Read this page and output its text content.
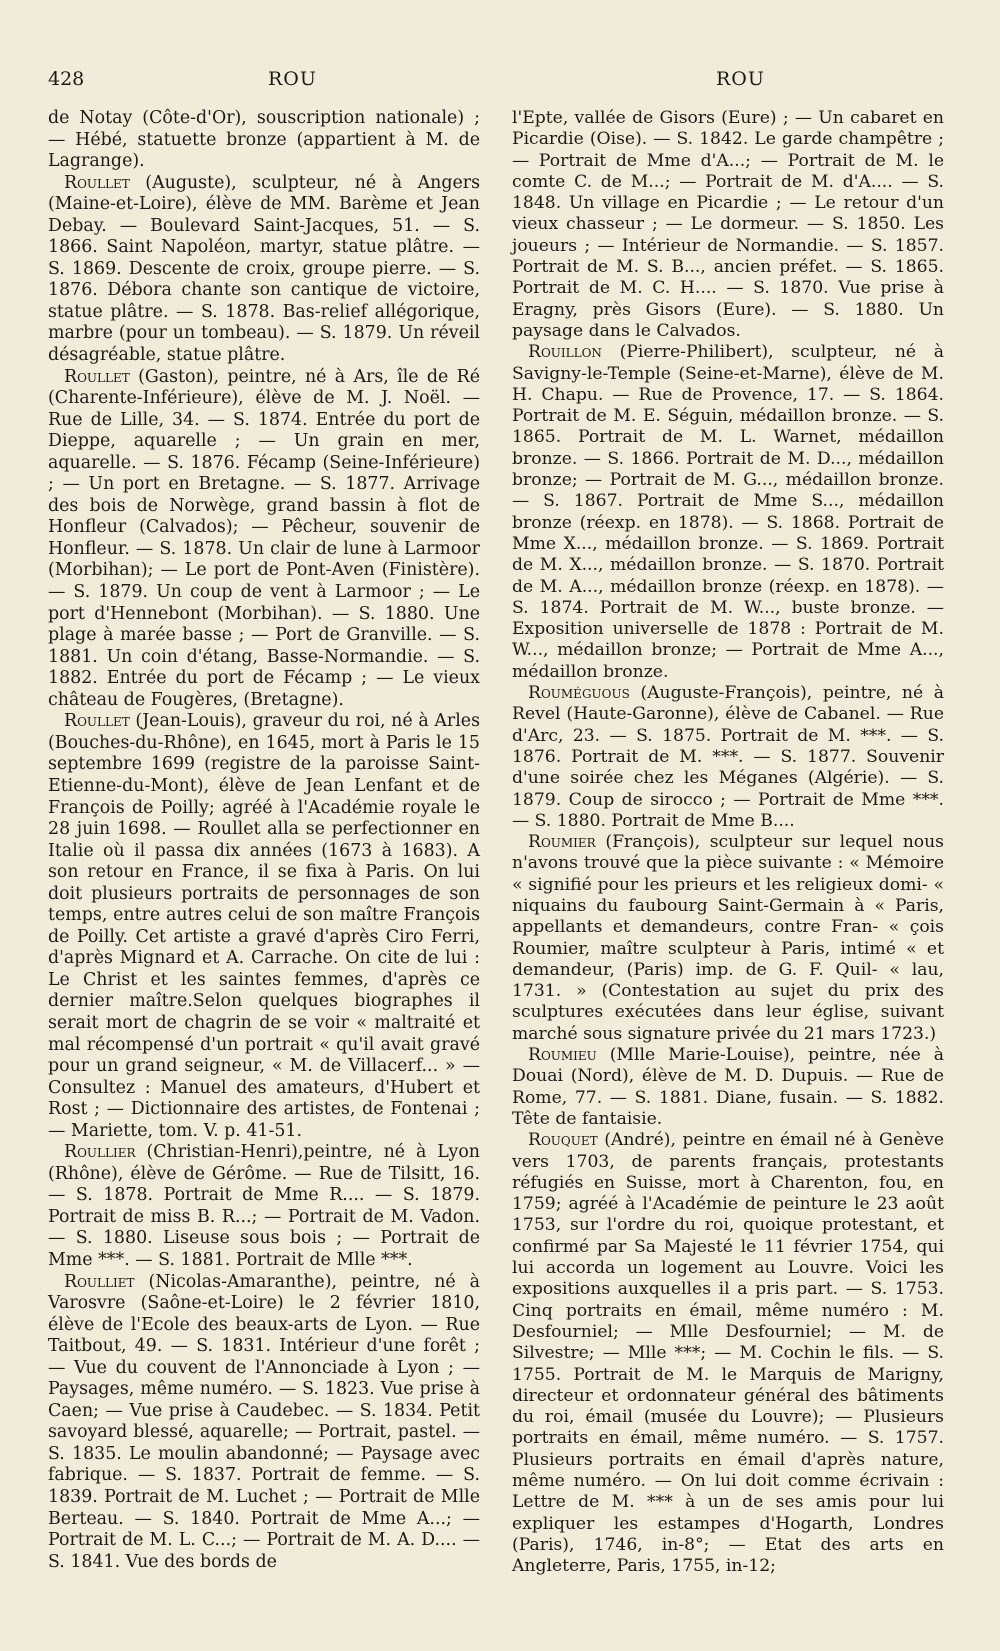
428	ROU	ROU

de Notay (Côte-d'Or), souscription nationale) ; — Hébé, statuette bronze (appartient à M. de Lagrange).

Roullet (Auguste), sculpteur, né à Angers (Maine-et-Loire), élève de MM. Barème et Jean Debay. — Boulevard Saint-Jacques, 51. — S. 1866. Saint Napoléon, martyr, statue plâtre. — S. 1869. Descente de croix, groupe pierre. — S. 1876. Débora chante son cantique de victoire, statue plâtre. — S. 1878. Bas-relief allégorique, marbre (pour un tombeau). — S. 1879. Un réveil désagréable, statue plâtre.

Roullet (Gaston), peintre, né à Ars, île de Ré (Charente-Inférieure), élève de M. J. Noël. — Rue de Lille, 34. — S. 1874. Entrée du port de Dieppe, aquarelle ; — Un grain en mer, aquarelle. — S. 1876. Fécamp (Seine-Inférieure) ; — Un port en Bretagne. — S. 1877. Arrivage des bois de Norwège, grand bassin à flot de Honfleur (Calvados); — Pêcheur, souvenir de Honfleur. — S. 1878. Un clair de lune à Larmoor (Morbihan); — Le port de Pont-Aven (Finistère). — S. 1879. Un coup de vent à Larmoor ; — Le port d'Hennebont (Morbihan). — S. 1880. Une plage à marée basse ; — Port de Granville. — S. 1881. Un coin d'étang, Basse-Normandie. — S. 1882. Entrée du port de Fécamp ; — Le vieux château de Fougères, (Bretagne).

Roullet (Jean-Louis), graveur du roi, né à Arles (Bouches-du-Rhône), en 1645, mort à Paris le 15 septembre 1699 (registre de la paroisse Saint-Etienne-du-Mont), élève de Jean Lenfant et de François de Poilly; agréé à l'Académie royale le 28 juin 1698. — Roullet alla se perfectionner en Italie où il passa dix années (1673 à 1683). A son retour en France, il se fixa à Paris. On lui doit plusieurs portraits de personnages de son temps, entre autres celui de son maître François de Poilly. Cet artiste a gravé d'après Ciro Ferri, d'après Mignard et A. Carrache. On cite de lui : Le Christ et les saintes femmes, d'après ce dernier maître.Selon quelques biographes il serait mort de chagrin de se voir « maltraité et mal récompensé d'un portrait « qu'il avait gravé pour un grand seigneur, « M. de Villacerf... » — Consultez : Manuel des amateurs, d'Hubert et Rost ; — Dictionnaire des artistes, de Fontenai ; — Mariette, tom. V. p. 41-51.

Roullier (Christian-Henri),peintre, né à Lyon (Rhône), élève de Gérôme. — Rue de Tilsitt, 16. — S. 1878. Portrait de Mme R.... — S. 1879. Portrait de miss B. R...; — Portrait de M. Vadon. — S. 1880. Liseuse sous bois ; — Portrait de Mme ***. — S. 1881. Portrait de Mlle ***.

Roulliet (Nicolas-Amaranthe), peintre, né à Varosvre (Saône-et-Loire) le 2 février 1810, élève de l'Ecole des beaux-arts de Lyon. — Rue Taitbout, 49. — S. 1831. Intérieur d'une forêt ; — Vue du couvent de l'Annonciade à Lyon ; — Paysages, même numéro. — S. 1823. Vue prise à Caen; — Vue prise à Caudebec. — S. 1834. Petit savoyard blessé, aquarelle; — Portrait, pastel. — S. 1835. Le moulin abandonné; — Paysage avec fabrique. — S. 1837. Portrait de femme. — S. 1839. Portrait de M. Luchet ; — Portrait de Mlle Berteau. — S. 1840. Portrait de Mme A...; — Portrait de M. L. C...; — Portrait de M. A. D.... — S. 1841. Vue des bords de

l'Epte, vallée de Gisors (Eure) ; — Un cabaret en Picardie (Oise). — S. 1842. Le garde champêtre ; — Portrait de Mme d'A...; — Portrait de M. le comte C. de M...; — Portrait de M. d'A.... — S. 1848. Un village en Picardie ; — Le retour d'un vieux chasseur ; — Le dormeur. — S. 1850. Les joueurs ; — Intérieur de Normandie. — S. 1857. Portrait de M. S. B..., ancien préfet. — S. 1865. Portrait de M. C. H.... — S. 1870. Vue prise à Eragny, près Gisors (Eure). — S. 1880. Un paysage dans le Calvados.

Rouillon (Pierre-Philibert), sculpteur, né à Savigny-le-Temple (Seine-et-Marne), élève de M. H. Chapu. — Rue de Provence, 17. — S. 1864. Portrait de M. E. Séguin, médaillon bronze. — S. 1865. Portrait de M. L. Warnet, médaillon bronze. — S. 1866. Portrait de M. D..., médaillon bronze; — Portrait de M. G..., médaillon bronze. — S. 1867. Portrait de Mme S..., médaillon bronze (réexp. en 1878). — S. 1868. Portrait de Mme X..., médaillon bronze. — S. 1869. Portrait de M. X..., médaillon bronze. — S. 1870. Portrait de M. A..., médaillon bronze (réexp. en 1878). — S. 1874. Portrait de M. W..., buste bronze. — Exposition universelle de 1878 : Portrait de M. W..., médaillon bronze; — Portrait de Mme A..., médaillon bronze.

Rouméguous (Auguste-François), peintre, né à Revel (Haute-Garonne), élève de Cabanel. — Rue d'Arc, 23. — S. 1875. Portrait de M. ***. — S. 1876. Portrait de M. ***. — S. 1877. Souvenir d'une soirée chez les Méganes (Algérie). — S. 1879. Coup de sirocco ; — Portrait de Mme ***. — S. 1880. Portrait de Mme B....

Roumier (François), sculpteur sur lequel nous n'avons trouvé que la pièce suivante : « Mémoire « signifié pour les prieurs et les religieux domi- « niquains du faubourg Saint-Germain à « Paris, appellants et demandeurs, contre Fran- « çois Roumier, maître sculpteur à Paris, intimé « et demandeur, (Paris) imp. de G. F. Quil- « lau, 1731. » (Contestation au sujet du prix des sculptures exécutées dans leur église, suivant marché sous signature privée du 21 mars 1723.)

Roumieu (Mlle Marie-Louise), peintre, née à Douai (Nord), élève de M. D. Dupuis. — Rue de Rome, 77. — S. 1881. Diane, fusain. — S. 1882. Tête de fantaisie.

Rouquet (André), peintre en émail né à Genève vers 1703, de parents français, protestants réfugiés en Suisse, mort à Charenton, fou, en 1759; agréé à l'Académie de peinture le 23 août 1753, sur l'ordre du roi, quoique protestant, et confirmé par Sa Majesté le 11 février 1754, qui lui accorda un logement au Louvre. Voici les expositions auxquelles il a pris part. — S. 1753. Cinq portraits en émail, même numéro : M. Desfourniel; — Mlle Desfourniel; — M. de Silvestre; — Mlle ***; — M. Cochin le fils. — S. 1755. Portrait de M. le Marquis de Marigny, directeur et ordonnateur général des bâtiments du roi, émail (musée du Louvre); — Plusieurs portraits en émail, même numéro. — S. 1757. Plusieurs portraits en émail d'après nature, même numéro. — On lui doit comme écrivain : Lettre de M. *** à un de ses amis pour lui expliquer les estampes d'Hogarth, Londres (Paris), 1746, in-8°; — Etat des arts en Angleterre, Paris, 1755, in-12;
